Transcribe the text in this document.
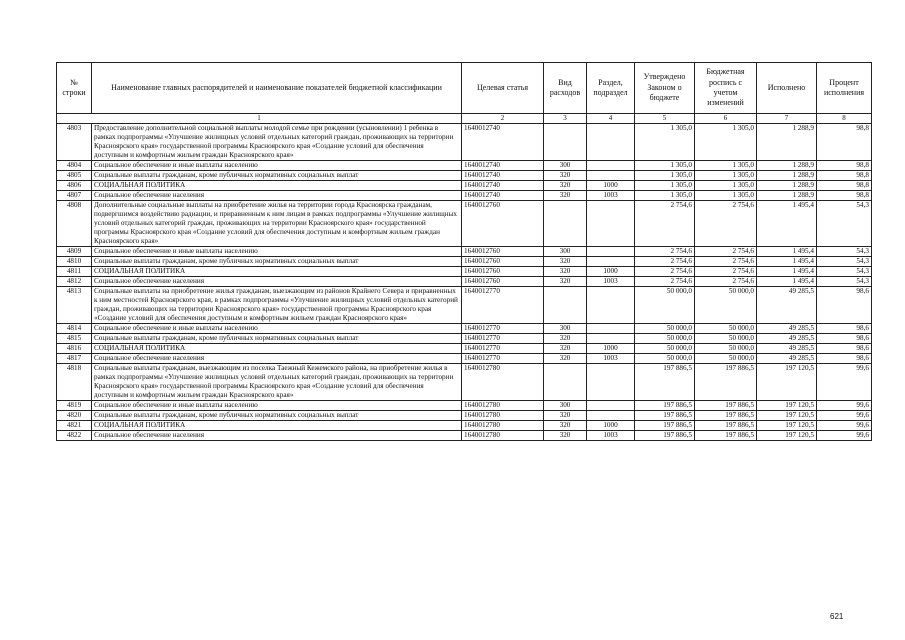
№ строки	Наименование главных распорядителей и наименование показателей бюджетной классификации	Целевая статья	Вид расходов	Раздел, подраздел	Утверждено Законом о бюджете	Бюджетная роспись с учетом изменений	Исполнено	Процент исполнения
1		2	3	4	5	6	7	8
4803	Предоставление дополнительной социальной выплаты молодой семье при рождении (усыновлении) 1 ребенка в рамках подпрограммы «Улучшение жилищных условий отдельных категорий граждан, проживающих на территории Красноярского края» государственной программы Красноярского края «Создание условий для обеспечения доступным и комфортным жильем граждан Красноярского края»	1640012740			1 305,0	1 305,0	1 288,9	98,8
4804	Социальное обеспечение и иные выплаты населению	1640012740	300		1 305,0	1 305,0	1 288,9	98,8
4805	Социальные выплаты гражданам, кроме публичных нормативных социальных выплат	1640012740	320		1 305,0	1 305,0	1 288,9	98,8
4806	СОЦИАЛЬНАЯ ПОЛИТИКА	1640012740	320	1000	1 305,0	1 305,0	1 288,9	98,8
4807	Социальное обеспечение населения	1640012740	320	1003	1 305,0	1 305,0	1 288,9	98,8
4808	Дополнительные социальные выплаты на приобретение жилья на территории города Красноярска гражданам, подвергшимся воздействию радиации, и приравненным к ним лицам в рамках подпрограммы «Улучшение жилищных условий отдельных категорий граждан, проживающих на территории Красноярского края» государственной программы Красноярского края «Создание условий для обеспечения доступным и комфортным жильем граждан Красноярского края»	1640012760			2 754,6	2 754,6	1 495,4	54,3
4809	Социальное обеспечение и иные выплаты населению	1640012760	300		2 754,6	2 754,6	1 495,4	54,3
4810	Социальные выплаты гражданам, кроме публичных нормативных социальных выплат	1640012760	320		2 754,6	2 754,6	1 495,4	54,3
4811	СОЦИАЛЬНАЯ ПОЛИТИКА	1640012760	320	1000	2 754,6	2 754,6	1 495,4	54,3
4812	Социальное обеспечение населения	1640012760	320	1003	2 754,6	2 754,6	1 495,4	54,3
4813	Социальные выплаты на приобретение жилья гражданам, выезжающим из районов Крайнего Севера и приравненных к ним местностей Красноярского края, в рамках подпрограммы «Улучшение жилищных условий отдельных категорий граждан, проживающих на территории Красноярского края» государственной программы Красноярского края «Создание условий для обеспечения доступным и комфортным жильем граждан Красноярского края»	1640012770			50 000,0	50 000,0	49 285,5	98,6
4814	Социальное обеспечение и иные выплаты населению	1640012770	300		50 000,0	50 000,0	49 285,5	98,6
4815	Социальные выплаты гражданам, кроме публичных нормативных социальных выплат	1640012770	320		50 000,0	50 000,0	49 285,5	98,6
4816	СОЦИАЛЬНАЯ ПОЛИТИКА	1640012770	320	1000	50 000,0	50 000,0	49 285,5	98,6
4817	Социальное обеспечение населения	1640012770	320	1003	50 000,0	50 000,0	49 285,5	98,6
4818	Социальные выплаты гражданам, выезжающим из поселка Таежный Кежемского района, на приобретение жилья в рамках подпрограммы «Улучшение жилищных условий отдельных категорий граждан, проживающих на территории Красноярского края» государственной программы Красноярского края «Создание условий для обеспечения доступным и комфортным жильем граждан Красноярского края»	1640012780			197 886,5	197 886,5	197 120,5	99,6
4819	Социальное обеспечение и иные выплаты населению	1640012780	300		197 886,5	197 886,5	197 120,5	99,6
4820	Социальные выплаты гражданам, кроме публичных нормативных социальных выплат	1640012780	320		197 886,5	197 886,5	197 120,5	99,6
4821	СОЦИАЛЬНАЯ ПОЛИТИКА	1640012780	320	1000	197 886,5	197 886,5	197 120,5	99,6
4822	Социальное обеспечение населения	1640012780	320	1003	197 886,5	197 886,5	197 120,5	99,6
621
